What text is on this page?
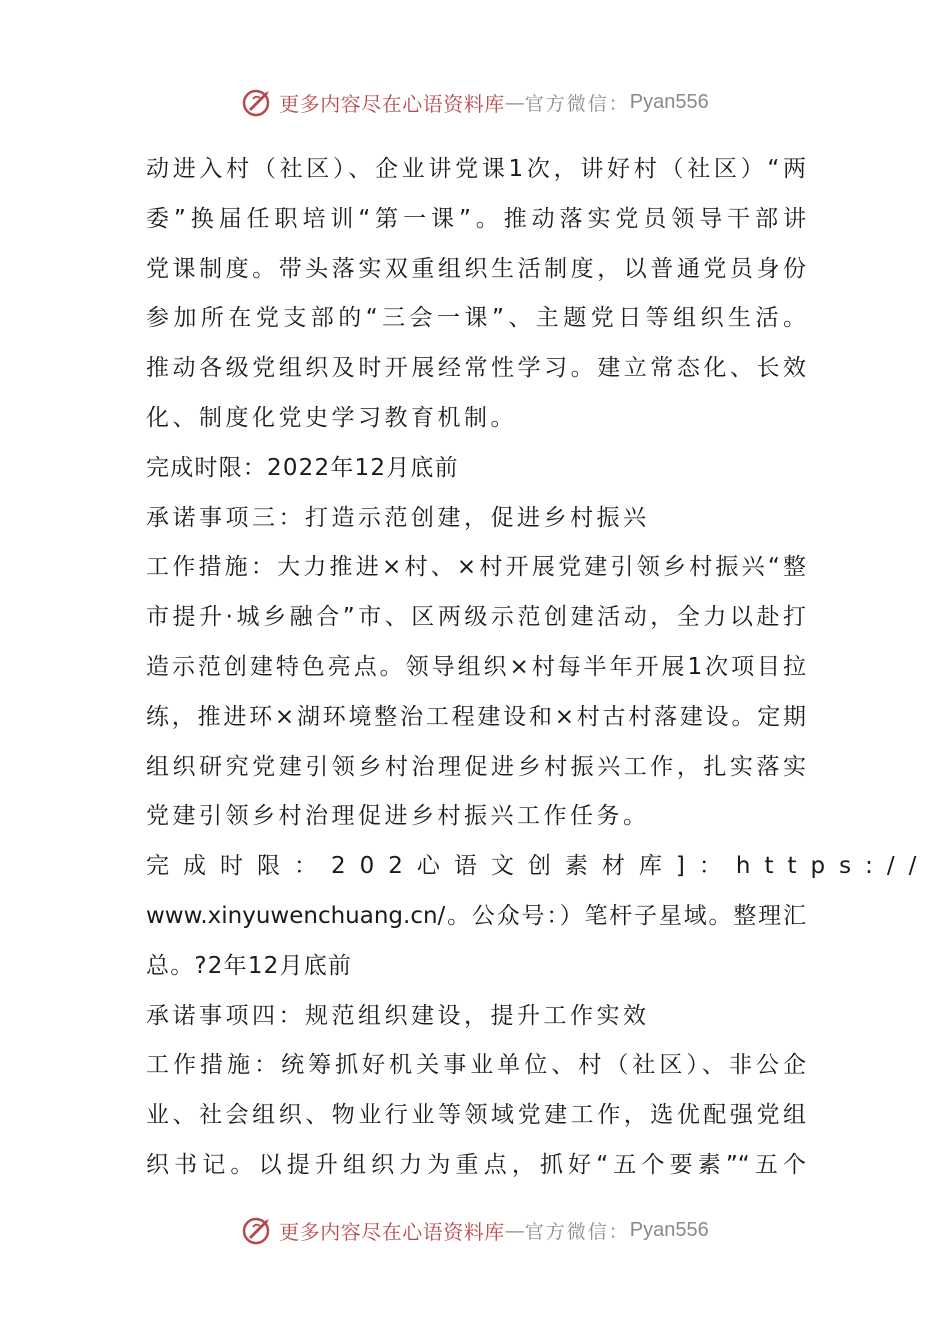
更多内容尽在心语资料库 — 官方微信： Pyan556
动进入村（社区）、企业讲党课1次，讲好村（社区）“两
委”换届任职培训“第一课”。推动落实党员领导干部讲
党课制度。带头落实双重组织生活制度，以普通党员身份
参加所在党支部的“三会一课”、主题党日等组织生活。
推动各级党组织及时开展经常性学习。建立常态化、长效
化、制度化党史学习教育机制。
完成时限：2022年12月底前
承诺事项三：打造示范创建，促进乡村振兴
工作措施：大力推进×村、×村开展党建引领乡村振兴“整
市提升·城乡融合”市、区两级示范创建活动，全力以赴打
造示范创建特色亮点。领导组织×村每半年开展1次项目拉
练，推进环×湖环境整治工程建设和×村古村落建设。定期
组织研究党建引领乡村治理促进乡村振兴工作，扎实落实
党建引领乡村治理促进乡村振兴工作任务。
完成时限：202心语文创素材库]：https://
www.xinyuwenchuang.cn/。公众号：）笔杆子星域。整理汇
总。?2年12月底前
承诺事项四：规范组织建设，提升工作实效
工作措施：统筹抓好机关事业单位、村（社区）、非公企
业、社会组织、物业行业等领域党建工作，选优配强党组
织书记。以提升组织力为重点，抓好“五个要素”“五个
更多内容尽在心语资料库 — 官方微信： Pyan556
